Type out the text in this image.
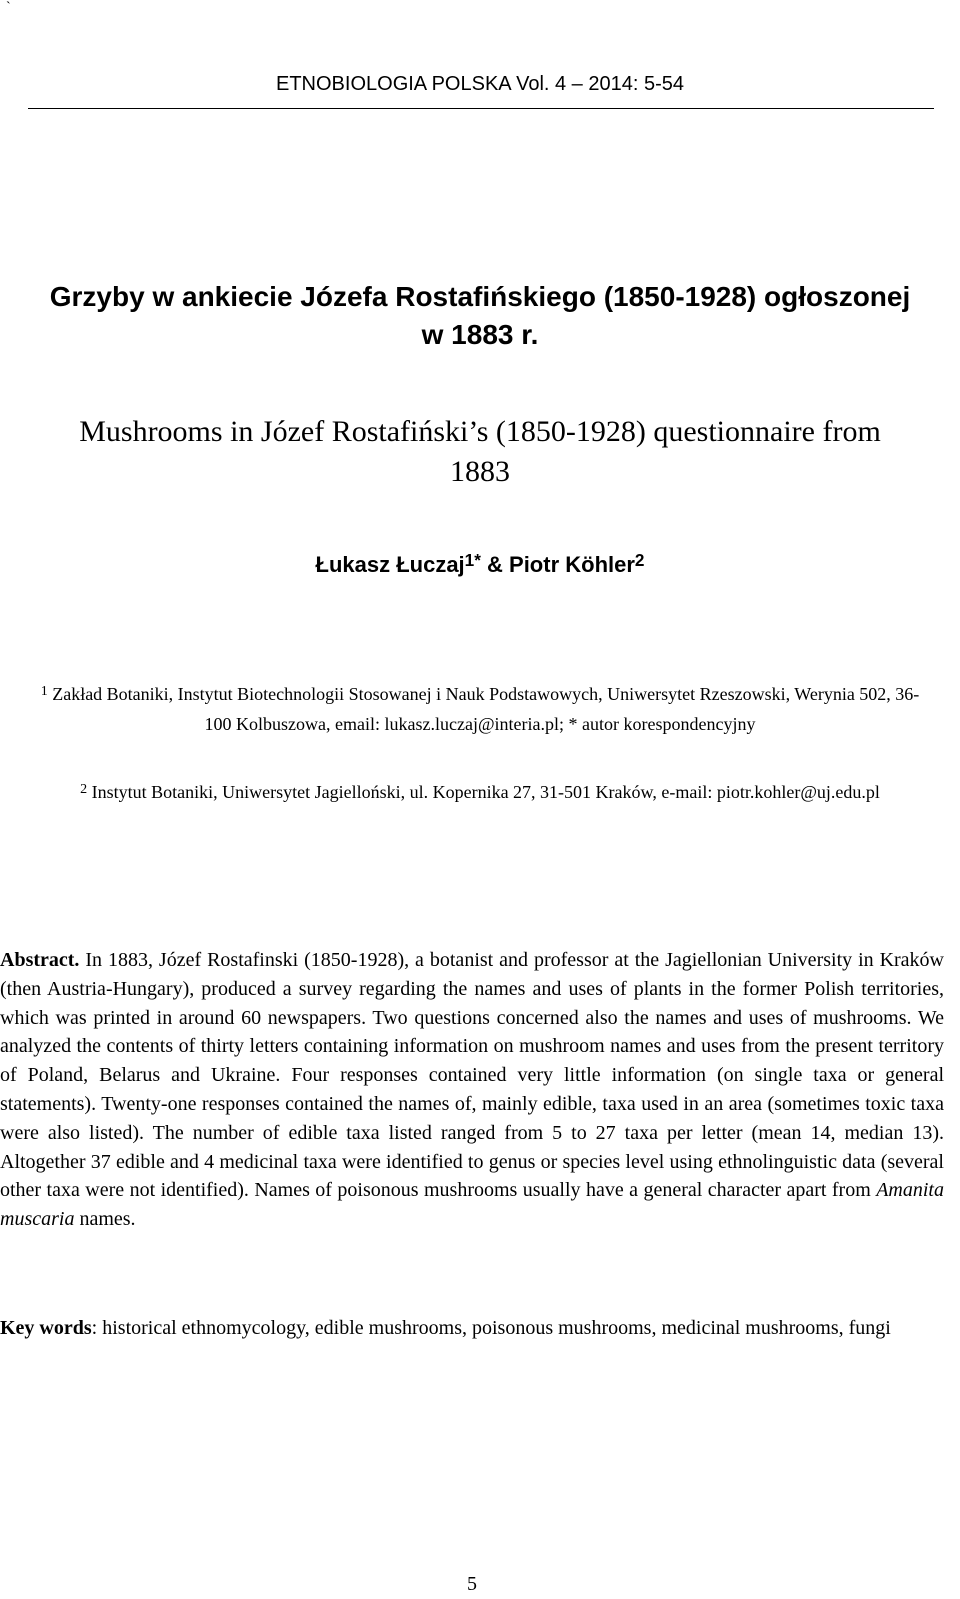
`
ETNOBIOLOGIA POLSKA Vol. 4 – 2014: 5-54
Grzyby w ankiecie Józefa Rostafińskiego (1850-1928) ogłoszonej
w 1883 r.
Mushrooms in Józef Rostafiński’s (1850-1928) questionnaire from
1883
Łukasz Łuczaj$^{1*}$ & Piotr Köhler$^2$
$^1$ Zakład Botaniki, Instytut Biotechnologii Stosowanej i Nauk Podstawowych, Uniwersytet Rzeszowski, Werynia 502, 36-100 Kolbuszowa, email: lukasz.luczaj@interia.pl; * autor korespondencyjny
$^2$ Instytut Botaniki, Uniwersytet Jagielloński, ul. Kopernika 27, 31-501 Kraków, e-mail: piotr.kohler@uj.edu.pl
Abstract. In 1883, Józef Rostafinski (1850-1928), a botanist and professor at the Jagiellonian University in Kraków (then Austria-Hungary), produced a survey regarding the names and uses of plants in the former Polish territories, which was printed in around 60 newspapers. Two questions concerned also the names and uses of mushrooms. We analyzed the contents of thirty letters containing information on mushroom names and uses from the present territory of Poland, Belarus and Ukraine. Four responses contained very little information (on single taxa or general statements). Twenty-one responses contained the names of, mainly edible, taxa used in an area (sometimes toxic taxa were also listed). The number of edible taxa listed ranged from 5 to 27 taxa per letter (mean 14, median 13). Altogether 37 edible and 4 medicinal taxa were identified to genus or species level using ethnolinguistic data (several other taxa were not identified). Names of poisonous mushrooms usually have a general character apart from Amanita muscaria names.
Key words: historical ethnomycology, edible mushrooms, poisonous mushrooms, medicinal mushrooms, fungi
5
